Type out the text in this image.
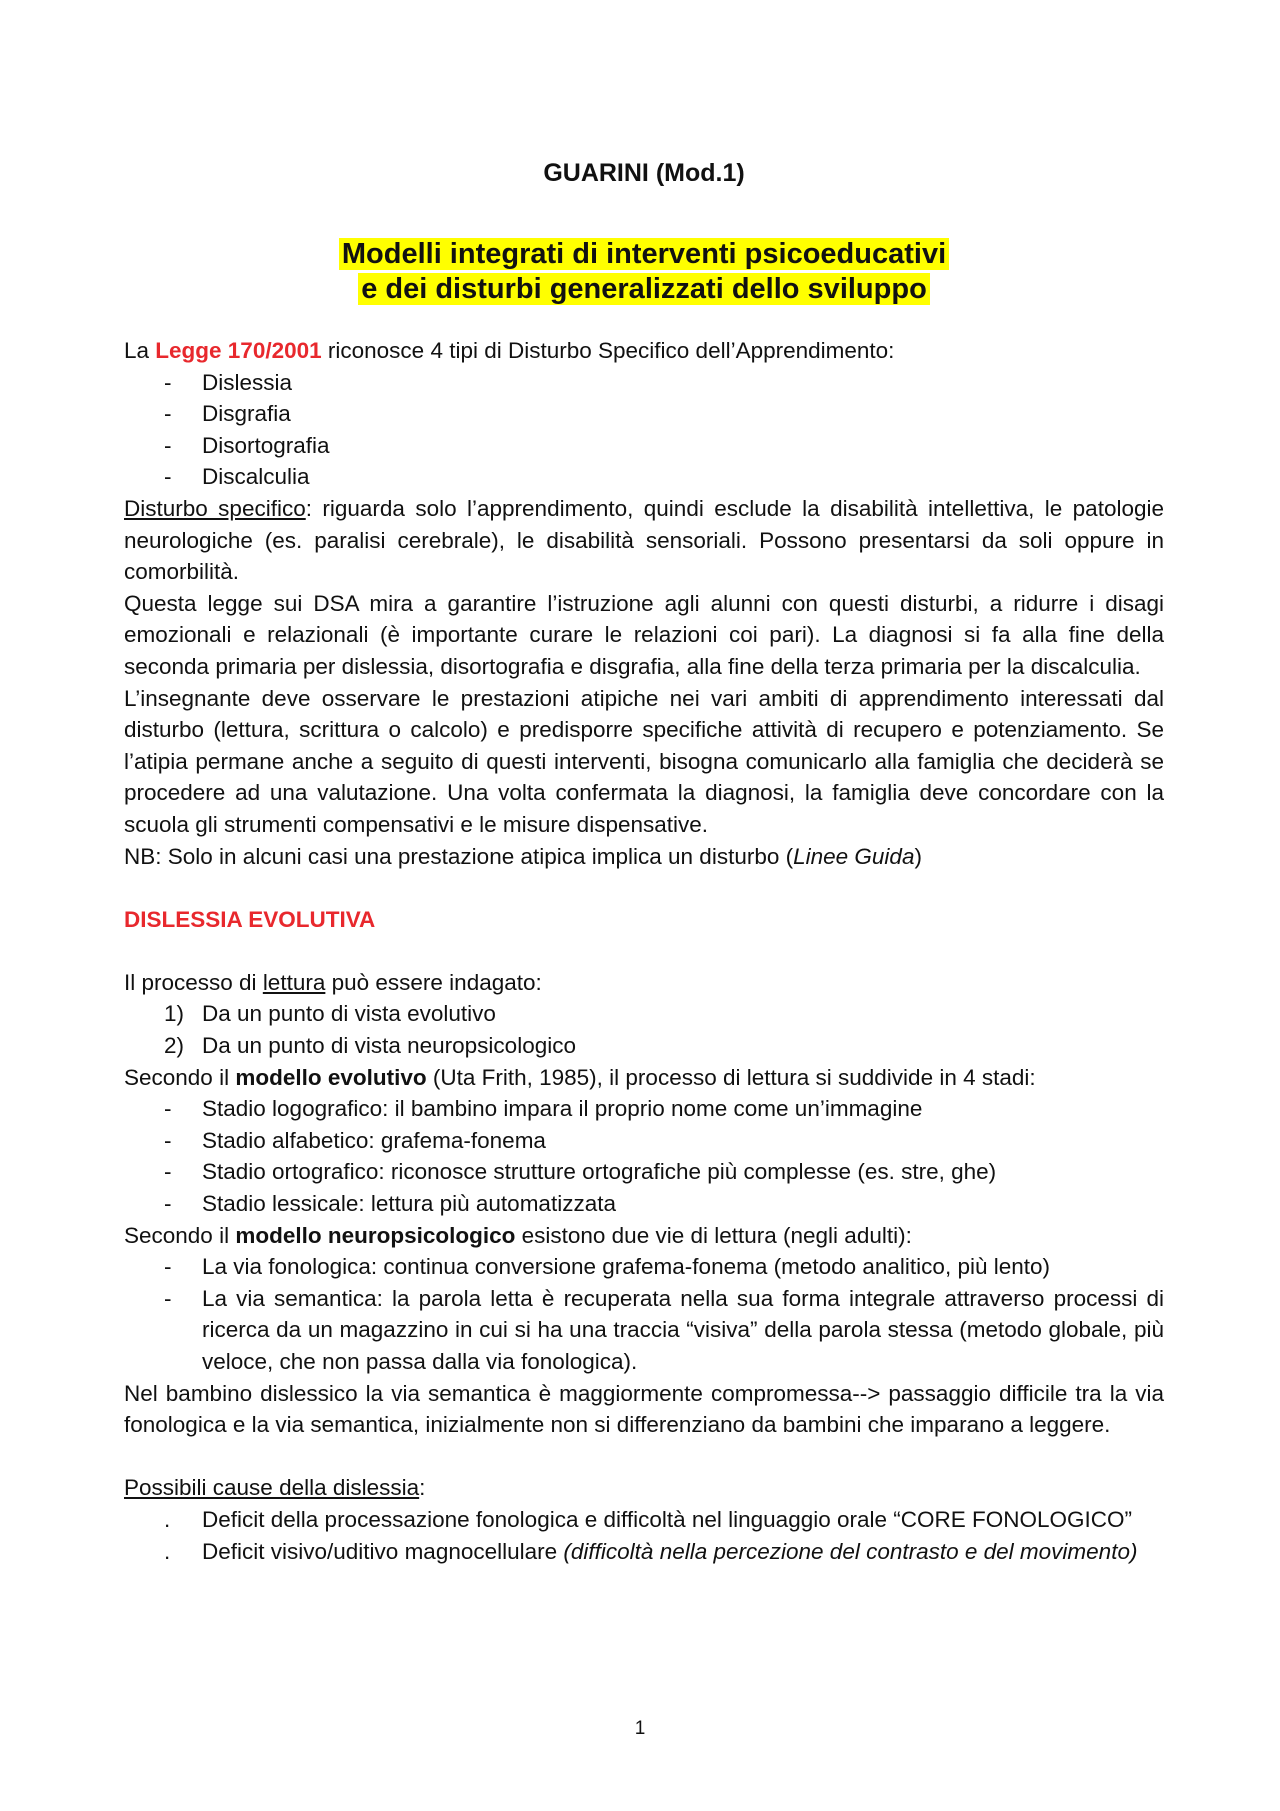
GUARINI (Mod.1)
Modelli integrati di interventi psicoeducativi
e dei disturbi generalizzati dello sviluppo

La Legge 170/2001 riconosce 4 tipi di Disturbo Specifico dell’Apprendimento:

- Dislessia
- Disgrafia
- Disortografia
- Discalculia

Disturbo specifico: riguarda solo l’apprendimento, quindi esclude la disabilità intellettiva, le patologie neurologiche (es. paralisi cerebrale), le disabilità sensoriali. Possono presentarsi da soli oppure in comorbilità.

Questa legge sui DSA mira a garantire l’istruzione agli alunni con questi disturbi, a ridurre i disagi emozionali e relazionali (è importante curare le relazioni coi pari). La diagnosi si fa alla fine della seconda primaria per dislessia, disortografia e disgrafia, alla fine della terza primaria per la discalculia.

L’insegnante deve osservare le prestazioni atipiche nei vari ambiti di apprendimento interessati dal disturbo (lettura, scrittura o calcolo) e predisporre specifiche attività di recupero e potenziamento. Se l’atipia permane anche a seguito di questi interventi, bisogna comunicarlo alla famiglia che deciderà se procedere ad una valutazione. Una volta confermata la diagnosi, la famiglia deve concordare con la scuola gli strumenti compensativi e le misure dispensative.

NB: Solo in alcuni casi una prestazione atipica implica un disturbo (Linee Guida)

DISLESSIA EVOLUTIVA

Il processo di lettura può essere indagato:

1) Da un punto di vista evolutivo
2) Da un punto di vista neuropsicologico

Secondo il modello evolutivo (Uta Frith, 1985), il processo di lettura si suddivide in 4 stadi:

- Stadio logografico: il bambino impara il proprio nome come un’immagine
- Stadio alfabetico: grafema-fonema
- Stadio ortografico: riconosce strutture ortografiche più complesse (es. stre, ghe)
- Stadio lessicale: lettura più automatizzata

Secondo il modello neuropsicologico esistono due vie di lettura (negli adulti):

- La via fonologica: continua conversione grafema-fonema (metodo analitico, più lento)
- La via semantica: la parola letta è recuperata nella sua forma integrale attraverso processi di ricerca da un magazzino in cui si ha una traccia “visiva” della parola stessa (metodo globale, più veloce, che non passa dalla via fonologica).

Nel bambino dislessico la via semantica è maggiormente compromessa--> passaggio difficile tra la via fonologica e la via semantica, inizialmente non si differenziano da bambini che imparano a leggere.

Possibili cause della dislessia:

. Deficit della processazione fonologica e difficoltà nel linguaggio orale “CORE FONOLOGICO”
. Deficit visivo/uditivo magnocellulare (difficoltà nella percezione del contrasto e del movimento)
1
